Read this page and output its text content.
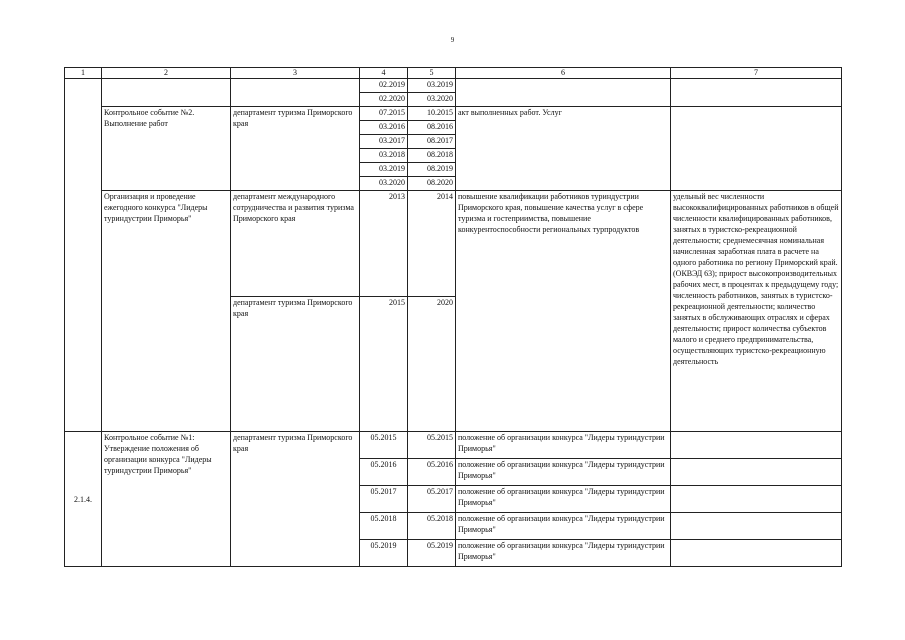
9
1	2	3	4	5	6	7
			02.2019	03.2019		
			02.2020	03.2020		
	Контрольное событие №2. Выполнение работ	департамент туризма Приморского края	07.2015	10.2015	акт выполненных работ. Услуг	
			03.2016	08.2016		
			03.2017	08.2017		
			03.2018	08.2018		
			03.2019	08.2019		
			03.2020	08.2020		
	Организация и проведение ежегодного конкурса "Лидеры туриндустрии Приморья"	департамент международного сотрудничества и развития туризма Приморского края	2013	2014	повышение квалификации работников туриндустрии Приморского края, повышение качества услуг в сфере туризма и гостеприимства, повышение конкурентоспособности региональных турпродуктов	удельный вес численности высококвалифицированных работников в общей численности квалифицированных работников, занятых в туристско-рекреационной деятельности; среднемесячная номинальная начисленная заработная плата в расчете на одного работника по региону Приморский край. (ОКВЭД 63); прирост высокопроизводительных рабочих мест, в процентах к предыдущему году; численность работников, занятых в туристско-рекреационной деятельности; количество занятых в обслуживающих отраслях и сферах деятельности; прирост количества субъектов малого и среднего предпринимательства, осуществляющих туристско-рекреационную деятельность
		департамент туризма Приморского края	2015	2020		
2.1.4.	Контрольное событие №1: Утверждение положения об организации конкурса "Лидеры туриндустрии Приморья"	департамент туризма Приморского края	05.2015	05.2015	положение об организации конкурса "Лидеры туриндустрии Приморья"	
			05.2016	05.2016	положение об организации конкурса "Лидеры туриндустрии Приморья"	
			05.2017	05.2017	положение об организации конкурса "Лидеры туриндустрии Приморья"	
			05.2018	05.2018	положение об организации конкурса "Лидеры туриндустрии Приморья"	
			05.2019	05.2019	положение об организации конкурса "Лидеры туриндустрии Приморья"	
